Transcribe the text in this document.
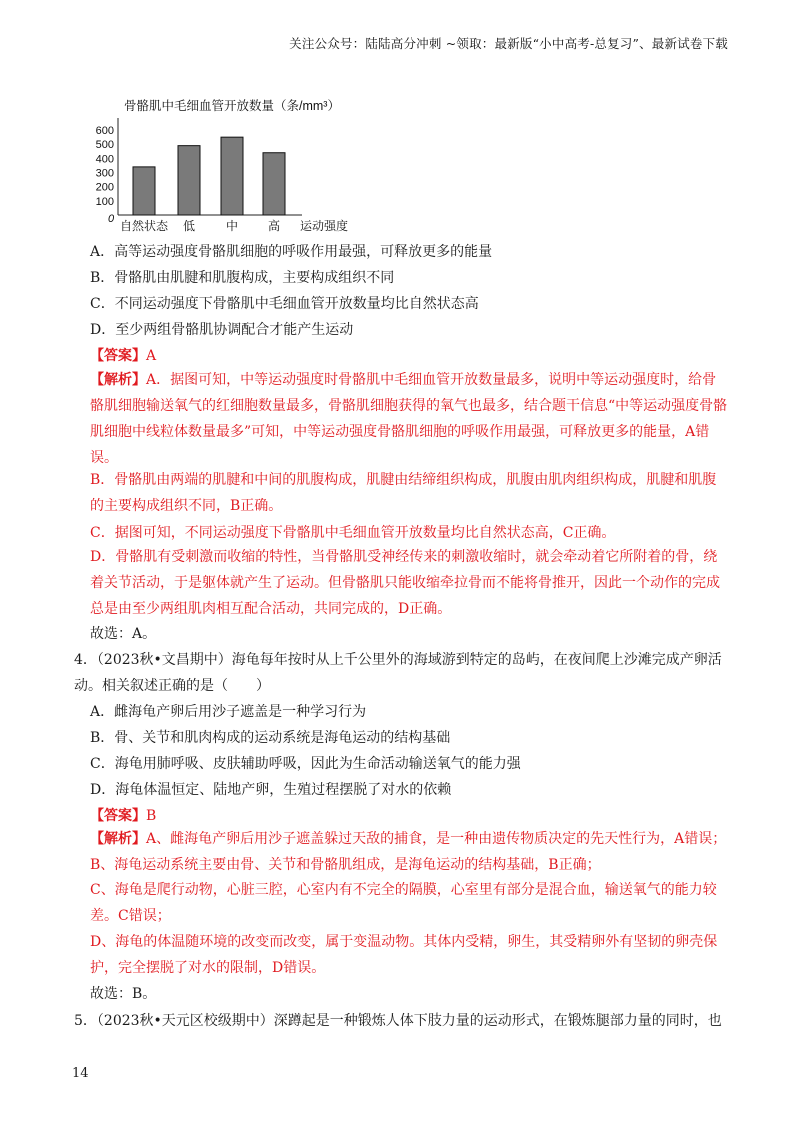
关注公众号：陆陆高分冲刺 ~领取：最新版“小中高考-总复习”、最新试卷下载
骨骼肌中毛细血管开放数量（条/mm³）
600
500
400
300
200
100
自然状态 低	中 高
0	运动强度
A．高等运动强度骨骼肌细胞的呼吸作用最强，可释放更多的能量
B．骨骼肌由肌腱和肌腹构成，主要构成组织不同
C．不同运动强度下骨骼肌中毛细血管开放数量均比自然状态高
D．至少两组骨骼肌协调配合才能产生运动
【答案】A
【解析】A．据图可知，中等运动强度时骨骼肌中毛细血管开放数量最多，说明中等运动强度时，给骨骼肌细胞输送氧气的红细胞数量最多，骨骼肌细胞获得的氧气也最多，结合题干信息“中等运动强度骨骼肌细胞中线粒体数量最多”可知，中等运动强度骨骼肌细胞的呼吸作用最强，可释放更多的能量，A错误。
B．骨骼肌由两端的肌腱和中间的肌腹构成，肌腱由结缔组织构成，肌腹由肌肉组织构成，肌腱和肌腹的主要构成组织不同，B正确。
C．据图可知，不同运动强度下骨骼肌中毛细血管开放数量均比自然状态高，C正确。
D．骨骼肌有受刺激而收缩的特性，当骨骼肌受神经传来的刺激收缩时，就会牵动着它所附着的骨，绕着关节活动，于是躯体就产生了运动。但骨骼肌只能收缩牵拉骨而不能将骨推开，因此一个动作的完成总是由至少两组肌肉相互配合活动，共同完成的，D正确。
故选：A。
4．（2023秋•文昌期中）海龟每年按时从上千公里外的海域游到特定的岛屿，在夜间爬上沙滩完成产卵活动。相关叙述正确的是（　　）
A．雌海龟产卵后用沙子遮盖是一种学习行为
B．骨、关节和肌肉构成的运动系统是海龟运动的结构基础
C．海龟用肺呼吸、皮肤辅助呼吸，因此为生命活动输送氧气的能力强
D．海龟体温恒定、陆地产卵，生殖过程摆脱了对水的依赖
【答案】B
【解析】A、雌海龟产卵后用沙子遮盖躲过天敌的捕食，是一种由遗传物质决定的先天性行为，A错误；
B、海龟运动系统主要由骨、关节和骨骼肌组成，是海龟运动的结构基础，B正确；
C、海龟是爬行动物，心脏三腔，心室内有不完全的隔膜，心室里有部分是混合血，输送氧气的能力较差。C错误；
D、海龟的体温随环境的改变而改变，属于变温动物。其体内受精，卵生，其受精卵外有坚韧的卵壳保护，完全摆脱了对水的限制，D错误。
故选：B。
5．（2023秋•天元区校级期中）深蹲起是一种锻炼人体下肢力量的运动形式，在锻炼腿部力量的同时，也
14
